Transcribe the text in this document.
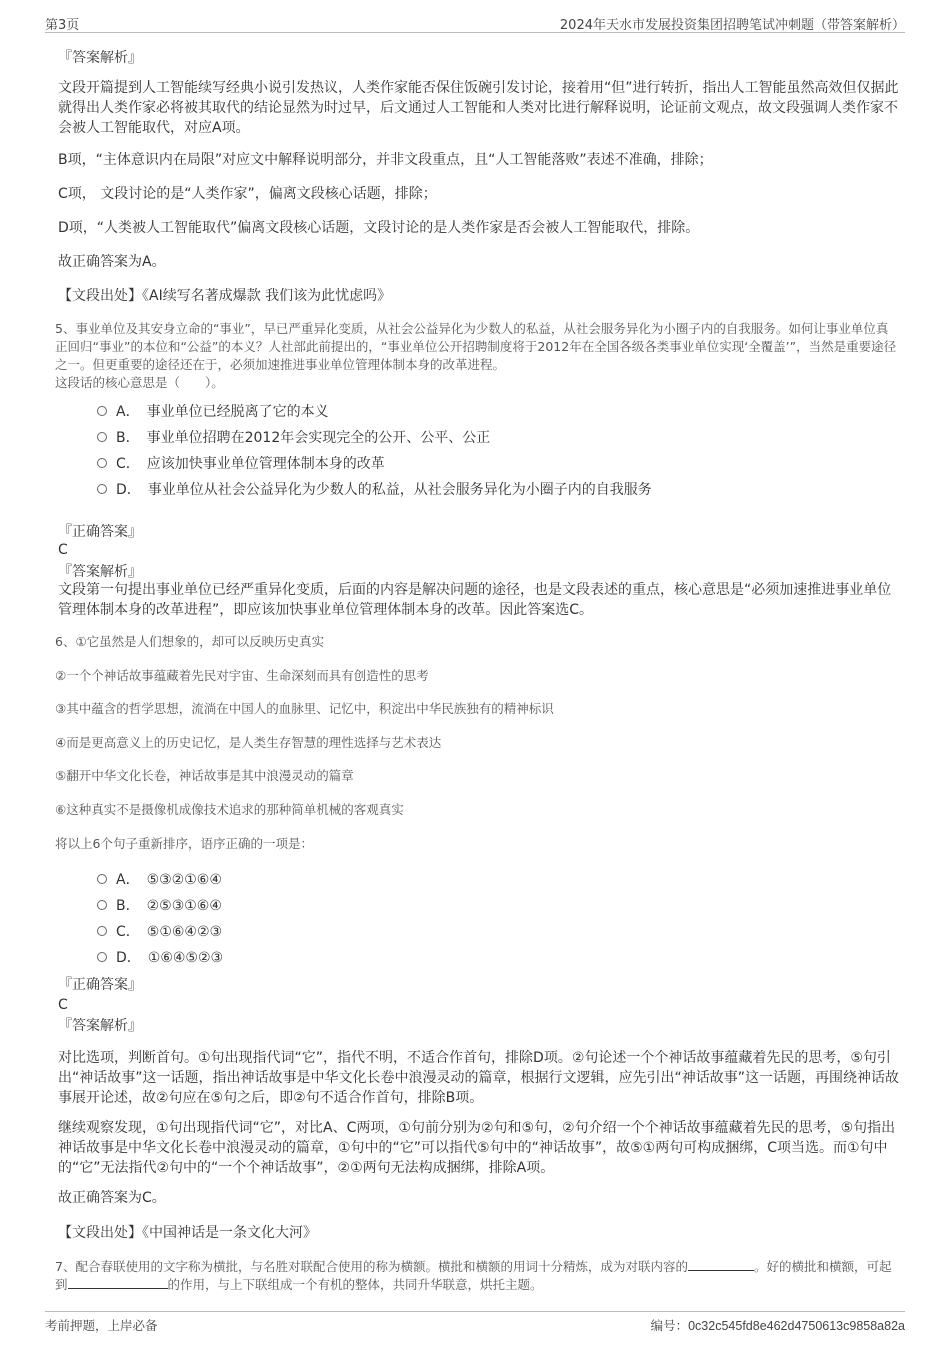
第3页	2024年天水市发展投资集团招聘笔试冲刺题（带答案解析）
『答案解析』
文段开篇提到人工智能续写经典小说引发热议，人类作家能否保住饭碗引发讨论，接着用“但”进行转折，指出人工智能虽然高效但仅据此就得出人类作家必将被其取代的结论显然为时过早，后文通过人工智能和人类对比进行解释说明，论证前文观点，故文段强调人类作家不会被人工智能取代，对应A项。
B项，“主体意识内在局限”对应文中解释说明部分，并非文段重点，且“人工智能落败”表述不准确，排除；
C项， 文段讨论的是“人类作家”，偏离文段核心话题，排除；
D项，“人类被人工智能取代”偏离文段核心话题，文段讨论的是人类作家是否会被人工智能取代，排除。
故正确答案为A。
【文段出处】《AI续写名著成爆款 我们该为此忧虑吗》
5、事业单位及其安身立命的“事业”，早已严重异化变质，从社会公益异化为少数人的私益，从社会服务异化为小圈子内的自我服务。如何让事业单位真正回归“事业”的本位和“公益”的本义？人社部此前提出的，“事业单位公开招聘制度将于2012年在全国各级各类事业单位实现‘全覆盖’”，当然是重要途径之一。但更重要的途径还在于，必须加速推进事业单位管理体制本身的改革进程。
这段话的核心意思是（　　）。
A．　事业单位已经脱离了它的本义
B．　事业单位招聘在2012年会实现完全的公开、公平、公正
C．　应该加快事业单位管理体制本身的改革
D．　事业单位从社会公益异化为少数人的私益，从社会服务异化为小圈子内的自我服务
『正确答案』
C
『答案解析』
文段第一句提出事业单位已经严重异化变质，后面的内容是解决问题的途径，也是文段表述的重点，核心意思是“必须加速推进事业单位管理体制本身的改革进程”，即应该加快事业单位管理体制本身的改革。因此答案选C。
6、①它虽然是人们想象的，却可以反映历史真实
②一个个神话故事蕴藏着先民对宇宙、生命深刻而具有创造性的思考
③其中蕴含的哲学思想，流淌在中国人的血脉里、记忆中，积淀出中华民族独有的精神标识
④而是更高意义上的历史记忆，是人类生存智慧的理性选择与艺术表达
⑤翻开中华文化长卷，神话故事是其中浪漫灵动的篇章
⑥这种真实不是摄像机成像技术追求的那种简单机械的客观真实
将以上6个句子重新排序，语序正确的一项是：
A．　⑤③②①⑥④
B．　②⑤③①⑥④
C．　⑤①⑥④②③
D．　①⑥④⑤②③
『正确答案』
C
『答案解析』
对比选项，判断首句。①句出现指代词“它”，指代不明，不适合作首句，排除D项。②句论述一个个神话故事蕴藏着先民的思考，⑤句引出“神话故事”这一话题，指出神话故事是中华文化长卷中浪漫灵动的篇章，根据行文逻辑，应先引出“神话故事”这一话题，再围绕神话故事展开论述，故②句应在⑤句之后，即②句不适合作首句，排除B项。
继续观察发现，①句出现指代词“它”，对比A、C两项，①句前分别为②句和⑤句，②句介绍一个个神话故事蕴藏着先民的思考，⑤句指出神话故事是中华文化长卷中浪漫灵动的篇章，①句中的“它”可以指代⑤句中的“神话故事”，故⑤①两句可构成捆绑，C项当选。而①句中的“它”无法指代②句中的“一个个神话故事”，②①两句无法构成捆绑，排除A项。
故正确答案为C。
【文段出处】《中国神话是一条文化大河》
7、配合春联使用的文字称为横批，与名胜对联配合使用的称为横额。横批和横额的用词十分精炼，成为对联内容的	。好的横批和横额，可起到	的作用，与上下联组成一个有机的整体，共同升华联意，烘托主题。
考前押题，上岸必备	编号：0c32c545fd8e462d4750613c9858a82a
